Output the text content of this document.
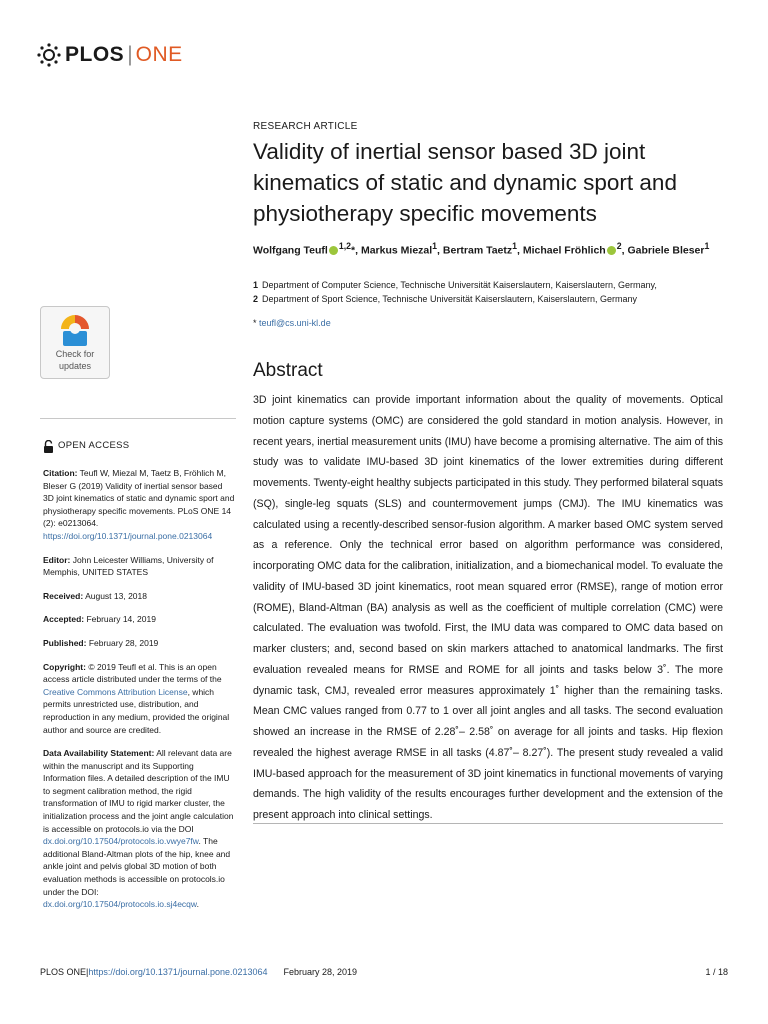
PLOS | ONE
RESEARCH ARTICLE
Validity of inertial sensor based 3D joint kinematics of static and dynamic sport and physiotherapy specific movements

Wolfgang Teufl $^{1,2}$*, Markus Miezal$^1$, Bertram Taetz$^1$, Michael Fröhlich $^2$, Gabriele Bleser$^1$

1 Department of Computer Science, Technische Universität Kaiserslautern, Kaiserslautern, Germany,
2 Department of Sport Science, Technische Universität Kaiserslautern, Kaiserslautern, Germany
* teufl@cs.uni-kl.de
Check for
updates
OPEN ACCESS

Citation: Teufl W, Miezal M, Taetz B, Fröhlich M, Bleser G (2019) Validity of inertial sensor based 3D joint kinematics of static and dynamic sport and physiotherapy specific movements. PLoS ONE 14 (2): e0213064. https://doi.org/10.1371/journal.pone.0213064

Editor: John Leicester Williams, University of Memphis, UNITED STATES

Received: August 13, 2018

Accepted: February 14, 2019

Published: February 28, 2019

Copyright: © 2019 Teufl et al. This is an open access article distributed under the terms of the Creative Commons Attribution License, which permits unrestricted use, distribution, and reproduction in any medium, provided the original author and source are credited.

Data Availability Statement: All relevant data are within the manuscript and its Supporting Information files. A detailed description of the IMU to segment calibration method, the rigid transformation of IMU to rigid marker cluster, the initialization process and the joint angle calculation is accessible on protocols.io via the DOI dx.doi.org/10.17504/protocols.io.vwye7fw. The additional Bland-Altman plots of the hip, knee and ankle joint and pelvis global 3D motion of both evaluation methods is accessible on protocols.io under the DOI: dx.doi.org/10.17504/protocols.io.sj4ecqw.

Abstract

3D joint kinematics can provide important information about the quality of movements. Optical motion capture systems (OMC) are considered the gold standard in motion analysis. However, in recent years, inertial measurement units (IMU) have become a promising alternative. The aim of this study was to validate IMU-based 3D joint kinematics of the lower extremities during different movements. Twenty-eight healthy subjects participated in this study. They performed bilateral squats (SQ), single-leg squats (SLS) and countermovement jumps (CMJ). The IMU kinematics was calculated using a recently-described sensor-fusion algorithm. A marker based OMC system served as a reference. Only the technical error based on algorithm performance was considered, incorporating OMC data for the calibration, initialization, and a biomechanical model. To evaluate the validity of IMU-based 3D joint kinematics, root mean squared error (RMSE), range of motion error (ROME), Bland-Altman (BA) analysis as well as the coefficient of multiple correlation (CMC) were calculated. The evaluation was twofold. First, the IMU data was compared to OMC data based on marker clusters; and, second based on skin markers attached to anatomical landmarks. The first evaluation revealed means for RMSE and ROME for all joints and tasks below 3˚. The more dynamic task, CMJ, revealed error measures approximately 1˚ higher than the remaining tasks. Mean CMC values ranged from 0.77 to 1 over all joint angles and all tasks. The second evaluation showed an increase in the RMSE of 2.28˚– 2.58˚ on average for all joints and tasks. Hip flexion revealed the highest average RMSE in all tasks (4.87˚– 8.27˚). The present study revealed a valid IMU-based approach for the measurement of 3D joint kinematics in functional movements of varying demands. The high validity of the results encourages further development and the extension of the present approach into clinical settings.

PLOS ONE | https://doi.org/10.1371/journal.pone.0213064 February 28, 2019	1 / 18
